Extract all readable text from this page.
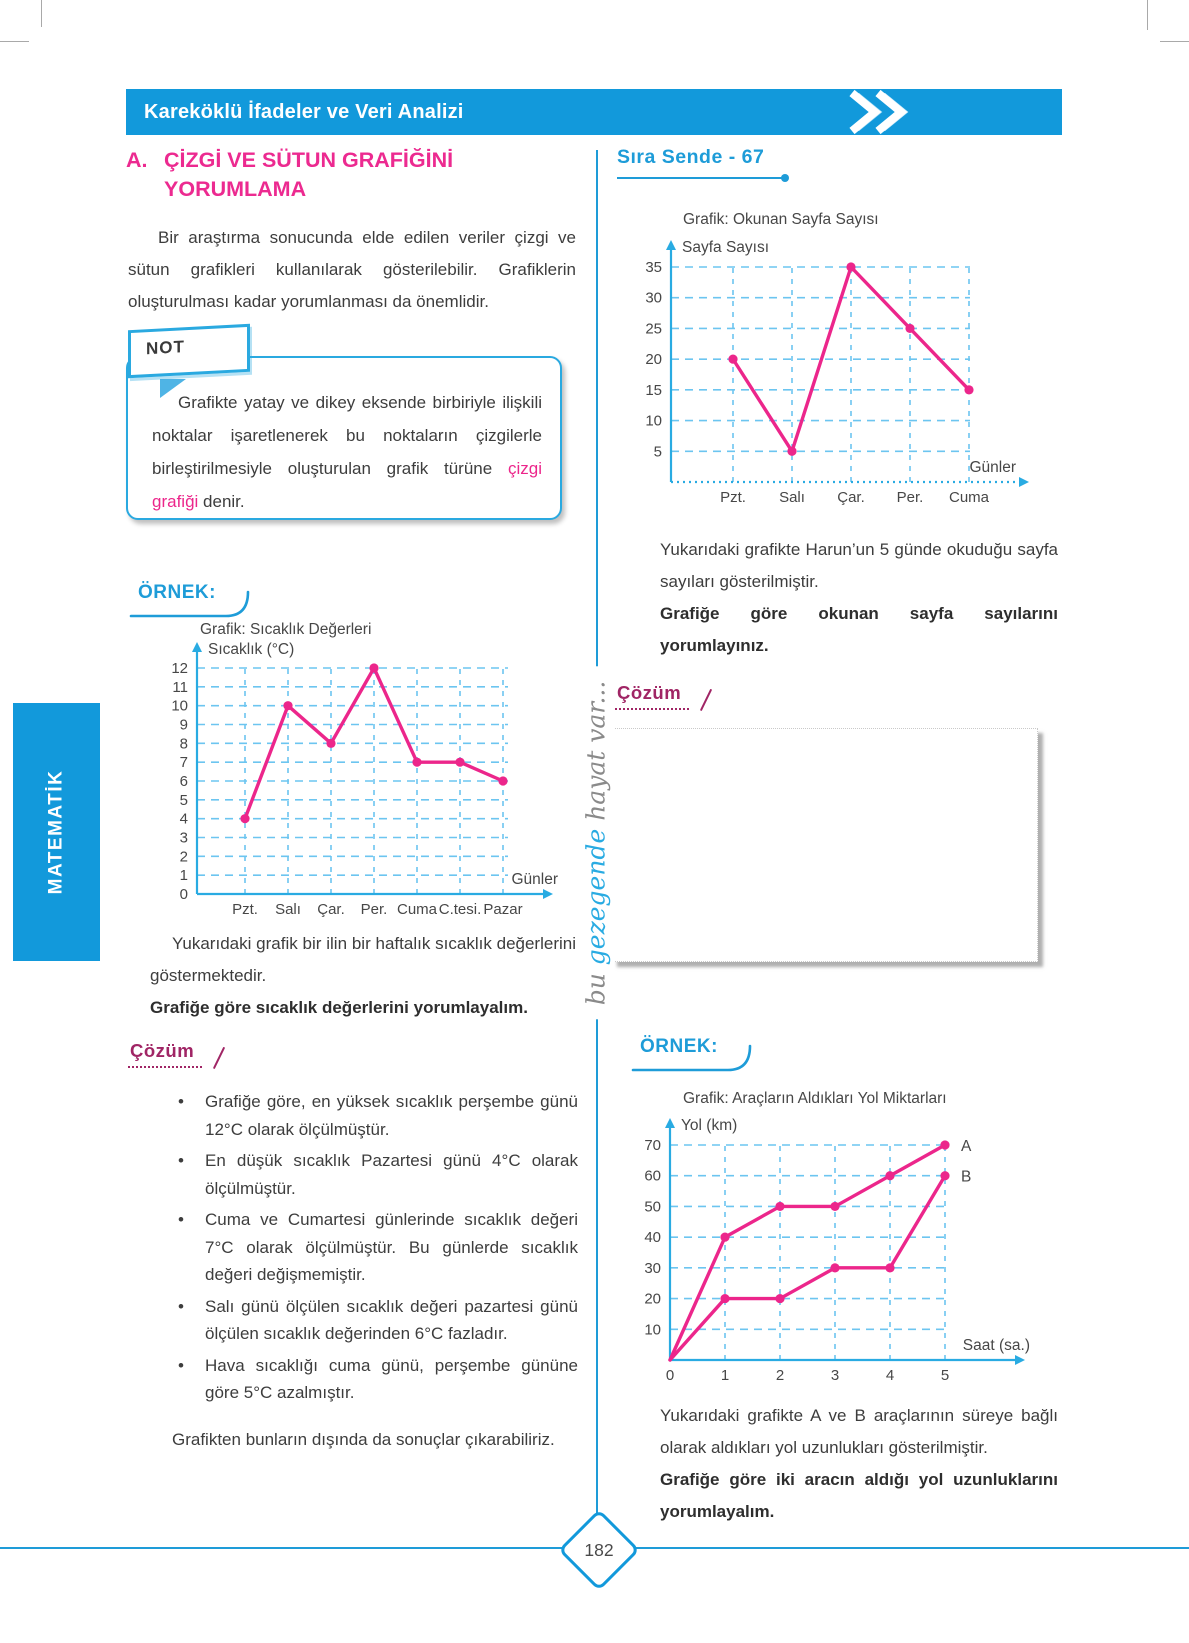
Kareköklü İfadeler ve Veri Analizi
MATEMATİK
A. ÇİZGİ VE SÜTUN GRAFİĞİNİ
YORUMLAMA
Bir araştırma sonucunda elde edilen veriler çizgi ve sütun grafikleri kullanılarak gösterilebilir. Grafiklerin oluşturulması kadar yorumlanması da önemlidir.
Grafikte yatay ve dikey eksende birbiriyle ilişkili noktalar işaretlenerek bu noktaların çizgilerle birleştirilmesiyle oluşturulan grafik türüne çizgi grafiği denir.
NOT
ÖRNEK:
Grafik: Sıcaklık Değerleri
Sıcaklık (°C)
Günler
0
1
2
3
4
5
6
7
8
9
10
11
12
Pzt. Salı Çar. Per. Cuma C.tesi. Pazar
Yukarıdaki grafik bir ilin bir haftalık sıcaklık değerlerini göstermektedir.
Grafiğe göre sıcaklık değerlerini yorumlayalım.
Çözüm
• Grafiğe göre, en yüksek sıcaklık perşembe günü 12°C olarak ölçülmüştür.
• En düşük sıcaklık Pazartesi günü 4°C olarak ölçülmüştür.
• Cuma ve Cumartesi günlerinde sıcaklık değeri 7°C olarak ölçülmüştür. Bu günlerde sıcaklık değeri değişmemiştir.
• Salı günü ölçülen sıcaklık değeri pazartesi günü ölçülen sıcaklık değerinden 6°C fazladır.
• Hava sıcaklığı cuma günü, perşembe gününe göre 5°C azalmıştır.
Grafikten bunların dışında da sonuçlar çıkarabiliriz.
Sıra Sende - 67
Grafik: Okunan Sayfa Sayısı
Sayfa Sayısı
Günler
5
10
15
20
25
30
35
Pzt. Salı Çar. Per. Cuma
Yukarıdaki grafikte Harun’un 5 günde okuduğu sayfa sayıları gösterilmiştir.
Grafiğe göre okunan sayfa sayılarını yorumlayınız.
Çözüm
ÖRNEK:
Grafik: Araçların Aldıkları Yol Miktarları
Yol (km)
Saat (sa.)
10
20
30
40
50
60
70
0	1	2	3	4	5
A
B
Yukarıdaki grafikte A ve B araçlarının süreye bağlı olarak aldıkları yol uzunlukları gösterilmiştir.
Grafiğe göre iki aracın aldığı yol uzunluklarını yorumlayalım.
bu gezegende hayat var...
182
